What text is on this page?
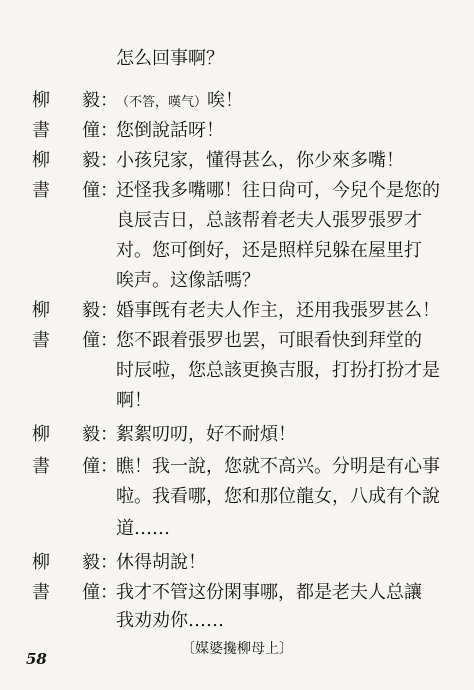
怎么回事啊？
柳 毅 ：
（不答，嘆气）唉！
書 僮 ：
您倒說話呀！
柳 毅 ：
小孩兒家，懂得甚么，你少來多嘴！
書 僮 ：
还怪我多嘴哪！往日尙可，今兒个是您的
良辰吉日，总該帮着老夫人張罗張罗才
对。您可倒好，还是照样兒躲在屋里打
唉声。这像話嗎？
柳 毅 ：
婚事旣有老夫人作主，还用我張罗甚么！
書 僮 ：
您不跟着張罗也罢，可眼看快到拜堂的
时辰啦，您总該更換吉服，打扮打扮才是
啊！
柳 毅 ：
絮絮叨叨，好不耐煩！
書 僮 ：
瞧！我一說，您就不高兴。分明是有心事
啦。我看哪，您和那位龍女，八成有个說
道……
柳 毅 ：
休得胡說！
書 僮 ：
我才不管这份閑事哪，都是老夫人总讓
我劝劝你……
〔媒婆攙柳母上〕
58
